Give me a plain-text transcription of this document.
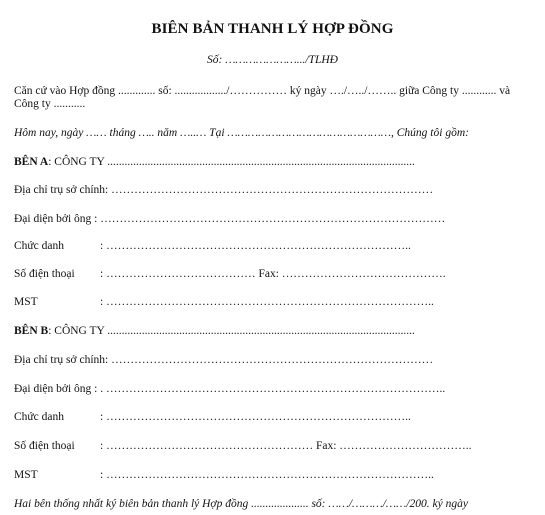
BIÊN BẢN THANH LÝ HỢP ĐỒNG
Số: ………………….../TLHĐ
Căn cứ vào Hợp đồng ............. số: ................../…………… ký ngày …./…../…….. giữa Công ty ............ và
Công ty ...........
Hôm nay, ngày …… tháng ….. năm …..… Tại …………………………………………, Chúng tôi gồm:
BÊN A: CÔNG TY ...........................................................................................................
Địa chỉ trụ sở chính: …………………………………………………………………………
Đại diện bởi ông : ………………………………………………………………………………
Chức danh	: ……………………………………………………………………..
Số điện thoại : ………………………………… Fax: …………………………………….
MST	: …………………………………………………………………………..
BÊN B: CÔNG TY ...........................................................................................................
Địa chỉ trụ sở chính: …………………………………………………………………………
Đại diện bởi ông : . ……………………………………………………………………………..
Chức danh	: ……………………………………………………………………..
Số điện thoại : ……………………………………………… Fax: ……………………………..
MST	: …………………………………………………………………………..
Hai bên thống nhất ký biên bản thanh lý Hợp đồng .................... số: ……/………/……/200. ký ngày
